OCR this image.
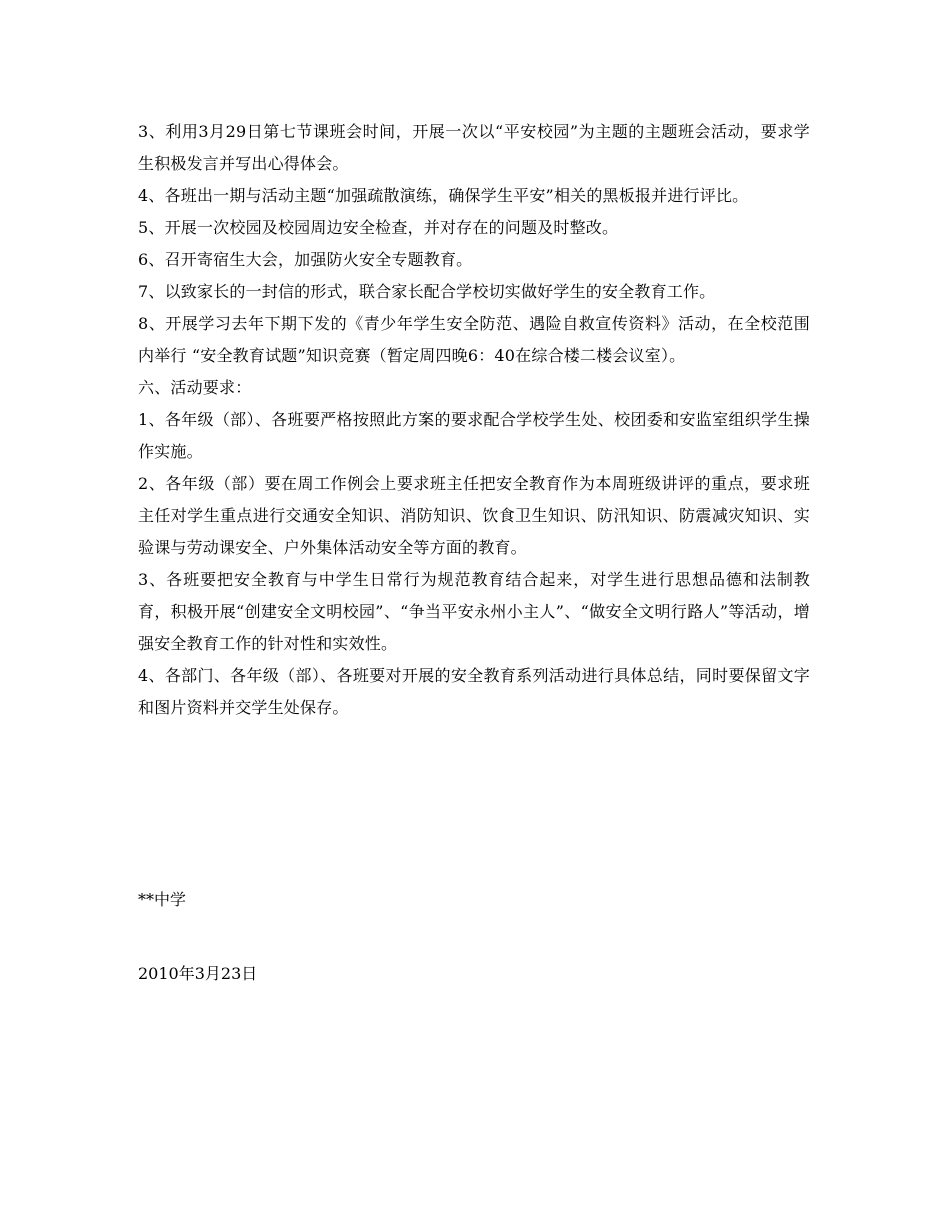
3、利用3月29日第七节课班会时间，开展一次以“平安校园”为主题的主题班会活动，要求学生积极发言并写出心得体会。

4、各班出一期与活动主题“加强疏散演练，确保学生平安”相关的黑板报并进行评比。

5、开展一次校园及校园周边安全检查，并对存在的问题及时整改。

6、召开寄宿生大会，加强防火安全专题教育。

7、以致家长的一封信的形式，联合家长配合学校切实做好学生的安全教育工作。

8、开展学习去年下期下发的《青少年学生安全防范、遇险自救宣传资料》活动，在全校范围内举行 “安全教育试题”知识竞赛（暂定周四晚6：40在综合楼二楼会议室）。

六、活动要求：

1、各年级（部）、各班要严格按照此方案的要求配合学校学生处、校团委和安监室组织学生操作实施。

2、各年级（部）要在周工作例会上要求班主任把安全教育作为本周班级讲评的重点，要求班主任对学生重点进行交通安全知识、消防知识、饮食卫生知识、防汛知识、防震减灾知识、实验课与劳动课安全、户外集体活动安全等方面的教育。

3、各班要把安全教育与中学生日常行为规范教育结合起来，对学生进行思想品德和法制教育，积极开展“创建安全文明校园”、“争当平安永州小主人”、“做安全文明行路人”等活动，增强安全教育工作的针对性和实效性。

4、各部门、各年级（部）、各班要对开展的安全教育系列活动进行具体总结，同时要保留文字和图片资料并交学生处保存。

**中学

2010年3月23日
